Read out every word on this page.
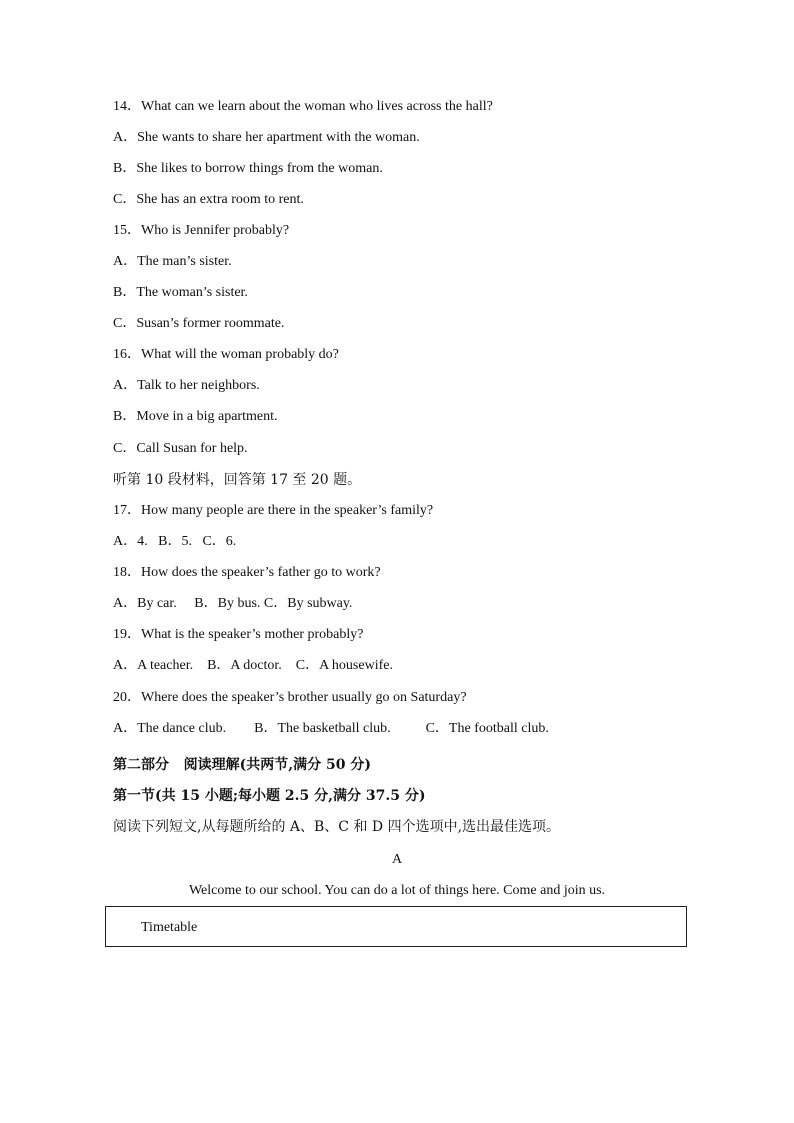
14．What can we learn about the woman who lives across the hall?
A．She wants to share her apartment with the woman.
B．She likes to borrow things from the woman.
C．She has an extra room to rent.
15．Who is Jennifer probably?
A．The man’s sister.
B．The woman’s sister.
C．Susan’s former roommate.
16．What will the woman probably do?
A．Talk to her neighbors.
B．Move in a big apartment.
C．Call Susan for help.
听第 10 段材料，回答第 17 至 20 题。
17．How many people are there in the speaker’s family?
A．4.   B．5.   C．6.
18．How does the speaker’s father go to work?
A．By car.     B．By bus. C．By subway.
19．What is the speaker’s mother probably?
A．A teacher.    B．A doctor.    C．A housewife.
20．Where does the speaker’s brother usually go on Saturday?
A．The dance club.        B．The basketball club.          C．The football club.
第二部分   阅读理解(共两节,满分 50 分)
第一节(共 15 小题;每小题 2.5 分,满分 37.5 分)
阅读下列短文,从每题所给的 A、B、C 和 D 四个选项中,选出最佳选项。
A
Welcome to our school. You can do a lot of things here. Come and join us.
Timetable
